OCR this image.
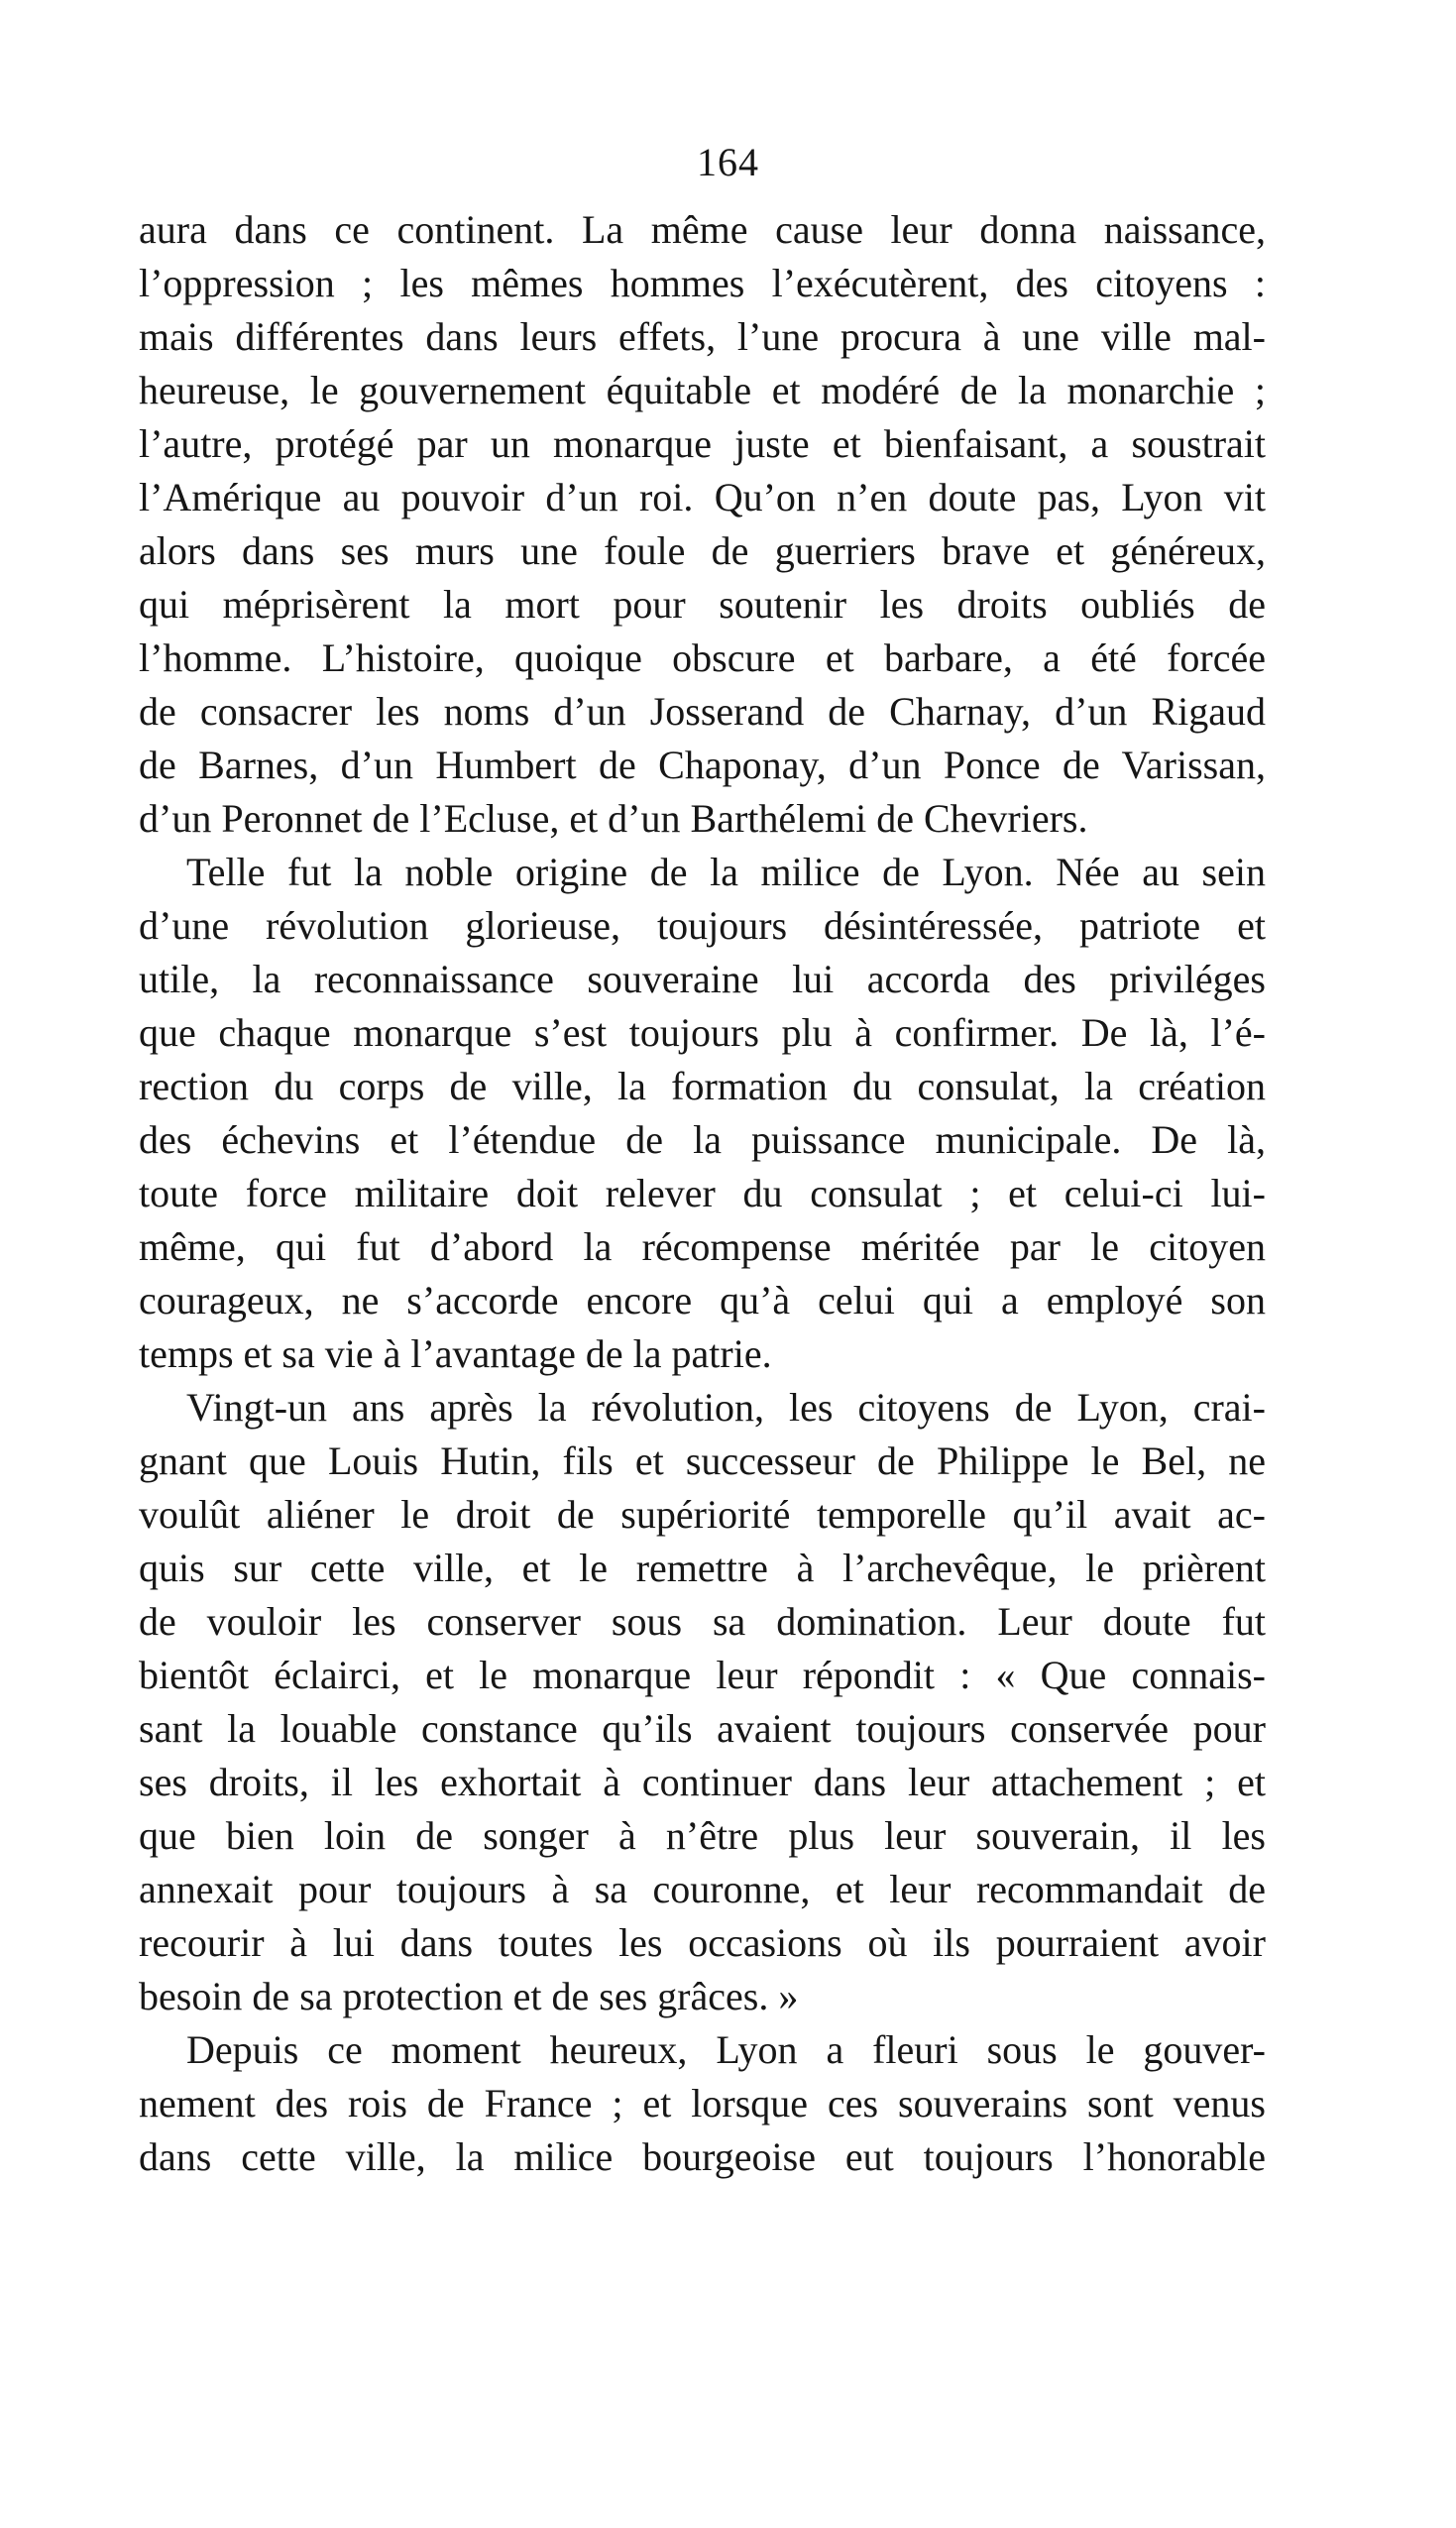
164
aura dans ce continent. La même cause leur donna naissance,
l’oppression ; les mêmes hommes l’exécutèrent, des citoyens :
mais différentes dans leurs effets, l’une procura à une ville mal-
heureuse, le gouvernement équitable et modéré de la monarchie ;
l’autre, protégé par un monarque juste et bienfaisant, a soustrait
l’Amérique au pouvoir d’un roi. Qu’on n’en doute pas, Lyon vit
alors dans ses murs une foule de guerriers brave et généreux,
qui méprisèrent la mort pour soutenir les droits oubliés de
l’homme. L’histoire, quoique obscure et barbare, a été forcée
de consacrer les noms d’un Josserand de Charnay, d’un Rigaud
de Barnes, d’un Humbert de Chaponay, d’un Ponce de Varissan,
d’un Peronnet de l’Ecluse, et d’un Barthélemi de Chevriers.
Telle fut la noble origine de la milice de Lyon. Née au sein
d’une révolution glorieuse, toujours désintéressée, patriote et
utile, la reconnaissance souveraine lui accorda des priviléges
que chaque monarque s’est toujours plu à confirmer. De là, l’é-
rection du corps de ville, la formation du consulat, la création
des échevins et l’étendue de la puissance municipale. De là,
toute force militaire doit relever du consulat ; et celui-ci lui-
même, qui fut d’abord la récompense méritée par le citoyen
courageux, ne s’accorde encore qu’à celui qui a employé son
temps et sa vie à l’avantage de la patrie.
Vingt-un ans après la révolution, les citoyens de Lyon, crai-
gnant que Louis Hutin, fils et successeur de Philippe le Bel, ne
voulût aliéner le droit de supériorité temporelle qu’il avait ac-
quis sur cette ville, et le remettre à l’archevêque, le prièrent
de vouloir les conserver sous sa domination. Leur doute fut
bientôt éclairci, et le monarque leur répondit : « Que connais-
sant la louable constance qu’ils avaient toujours conservée pour
ses droits, il les exhortait à continuer dans leur attachement ; et
que bien loin de songer à n’être plus leur souverain, il les
annexait pour toujours à sa couronne, et leur recommandait de
recourir à lui dans toutes les occasions où ils pourraient avoir
besoin de sa protection et de ses grâces. »
Depuis ce moment heureux, Lyon a fleuri sous le gouver-
nement des rois de France ; et lorsque ces souverains sont venus
dans cette ville, la milice bourgeoise eut toujours l’honorable
